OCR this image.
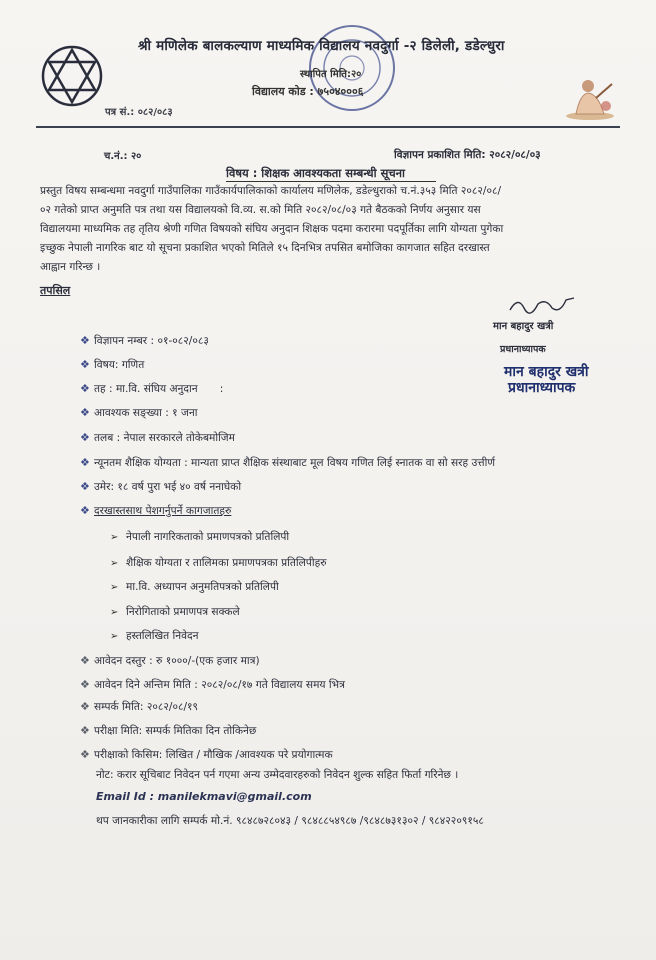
श्री मणिलेक बालकल्याण माध्यमिक विद्यालय नवदुर्गा -२ डिलेली, डडेल्धुरा
स्थापित मिति:२०
विद्यालय कोड : ७५०४०००६
पत्र सं.: ०८२/०८३
च.नं.: २०	विज्ञापन प्रकाशित मिति: २०८२/०८/०३
विषय : शिक्षक आवश्यकता सम्बन्धी सूचना
प्रस्तुत विषय सम्बन्धमा नवदुर्गा गाउँपालिका गाउँकार्यपालिकाको कार्यालय मणिलेक, डडेल्धुराको च.नं.३५३ मिति २०८२/०८/
०२ गतेको प्राप्त अनुमति पत्र तथा यस विद्यालयको वि.व्य. स.को मिति २०८२/०८/०३ गते बैठकको निर्णय अनुसार यस
विद्यालयमा माध्यमिक तह तृतिय श्रेणी गणित विषयको संघिय अनुदान शिक्षक पदमा करारमा पदपूर्तिका लागि योग्यता पुगेका
इच्छुक नेपाली नागरिक बाट यो सूचना प्रकाशित भएको मितिले १५ दिनभित्र तपसित बमोजिका कागजात सहित दरखास्त
आह्वान गरिन्छ ।
तपसिल
मान बहादुर खत्री
प्रधानाध्यापक
मान बहादुर खत्री
प्रधानाध्यापक
❖ विज्ञापन नम्बर : ०१-०८२/०८३
❖ विषय: गणित
❖ तह : मा.वि. संघिय अनुदान :
❖ आवश्यक सङ्ख्या : १ जना
❖ तलब : नेपाल सरकारले तोकेबमोजिम
❖ न्यूनतम शैक्षिक योग्यता : मान्यता प्राप्त शैक्षिक संस्थाबाट मूल विषय गणित लिई स्नातक वा सो सरह उत्तीर्ण
❖ उमेर: १८ वर्ष पुरा भई ४० वर्ष ननाघेको
❖ दरखास्तसाथ पेशगर्नुपर्ने कागजातहरु
➢ नेपाली नागरिकताको प्रमाणपत्रको प्रतिलिपी
➢ शैक्षिक योग्यता र तालिमका प्रमाणपत्रका प्रतिलिपीहरु
➢ मा.वि. अध्यापन अनुमतिपत्रको प्रतिलिपी
➢ निरोगिताको प्रमाणपत्र सक्कले
➢ हस्तलिखित निवेदन
❖ आवेदन दस्तुर : रु १०००/-(एक हजार मात्र)
❖ आवेदन दिने अन्तिम मिति : २०८२/०८/१७ गते विद्यालय समय भित्र
❖ सम्पर्क मिति: २०८२/०८/१९
❖ परीक्षा मिति: सम्पर्क मितिका दिन तोकिनेछ
❖ परीक्षाको किसिम: लिखित / मौखिक /आवश्यक परे प्रयोगात्मक
नोट: करार सूचिबाट निवेदन पर्न गएमा अन्य उम्मेदवारहरुको निवेदन शुल्क सहित फिर्ता गरिनेछ ।
Email Id : manilekmavi@gmail.com
थप जानकारीका लागि सम्पर्क मो.नं. ९८४८७२८०४३ / ९८४८८५४९८७ /९८४८७३१३०२ / ९८४२२०९१५८
